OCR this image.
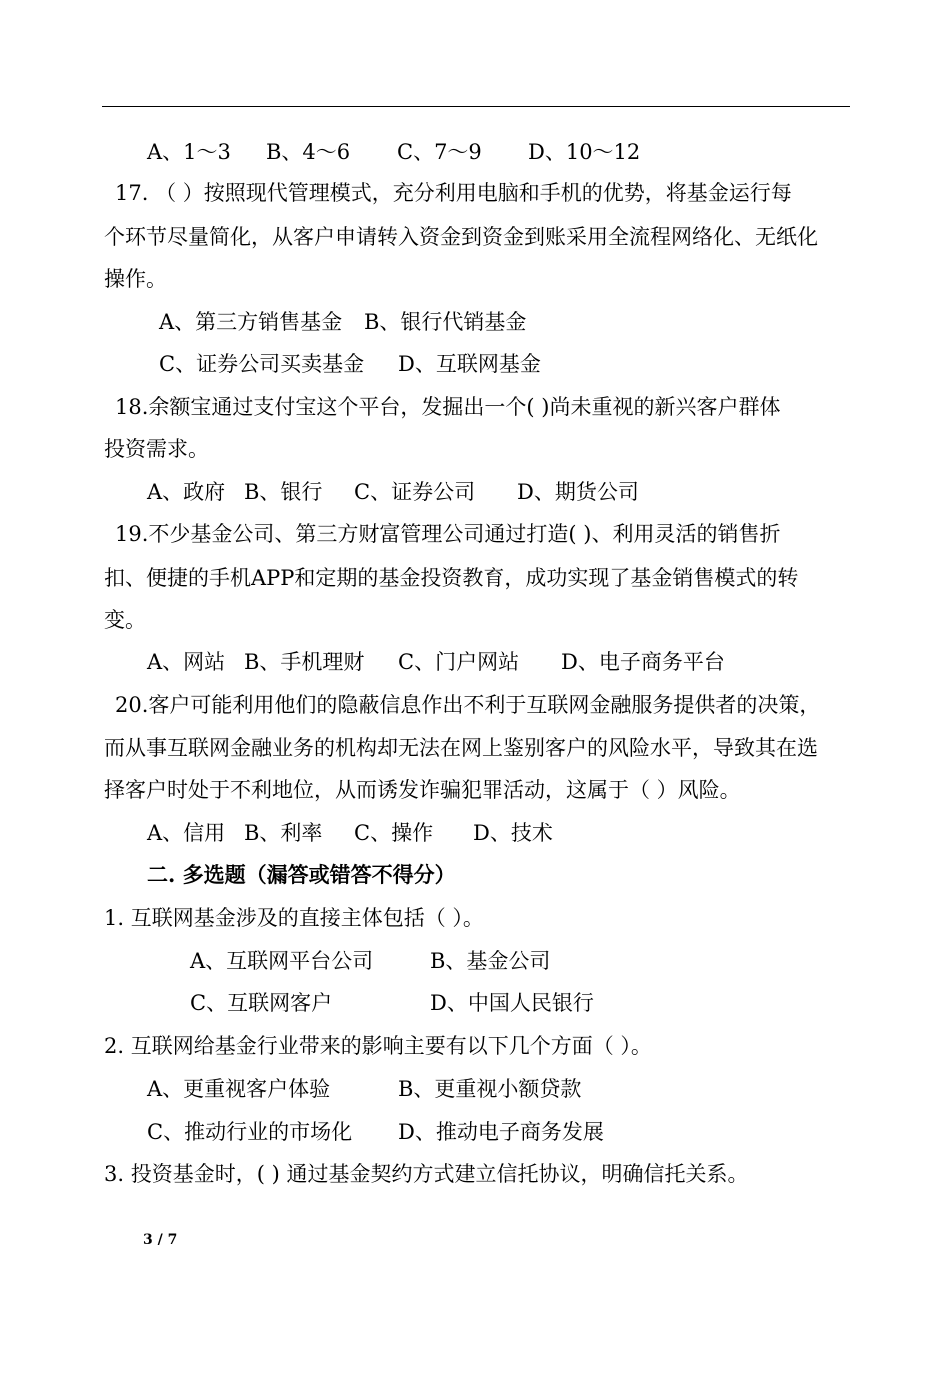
A、1～3 B、4～6 C、7～9 D、10～12
17. （ ）按照现代管理模式，充分利用电脑和手机的优势，将基金运行每
个环节尽量简化，从客户申请转入资金到资金到账采用全流程网络化、无纸化
操作。
A、第三方销售基金 B、银行代销基金
C、证券公司买卖基金 D、互联网基金
18.余额宝通过支付宝这个平台，发掘出一个( )尚未重视的新兴客户群体
投资需求。
A、政府 B、银行 C、证券公司 D、期货公司
19.不少基金公司、第三方财富管理公司通过打造( )、利用灵活的销售折
扣、便捷的手机APP和定期的基金投资教育，成功实现了基金销售模式的转
变。
A、网站 B、手机理财 C、门户网站 D、电子商务平台
20.客户可能利用他们的隐蔽信息作出不利于互联网金融服务提供者的决策，
而从事互联网金融业务的机构却无法在网上鉴别客户的风险水平，导致其在选
择客户时处于不利地位，从而诱发诈骗犯罪活动，这属于（ ）风险。
A、信用 B、利率 C、操作 D、技术
二. 多选题（漏答或错答不得分）
1. 互联网基金涉及的直接主体包括（ ）。
A、互联网平台公司	B、基金公司
C、互联网客户	D、中国人民银行
2. 互联网给基金行业带来的影响主要有以下几个方面（ ）。
A、更重视客户体验	B、更重视小额贷款
C、推动行业的市场化 D、推动电子商务发展
3. 投资基金时，( ) 通过基金契约方式建立信托协议，明确信托关系。
3 / 7
